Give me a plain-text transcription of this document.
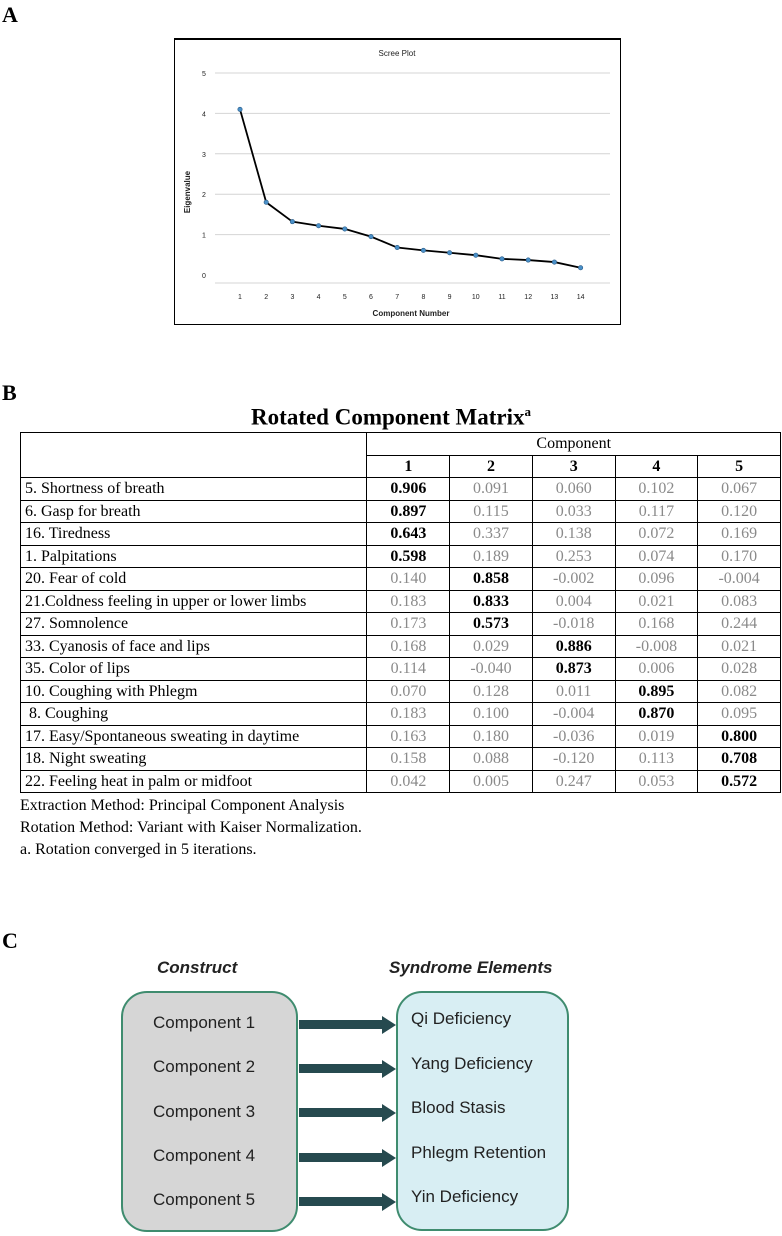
A
B
C
Scree Plot
0
1
2
3
4
5
1	2	3	4	5	6	7	8	9	10	11	12	13	14
Component Number
Eigenvalue
Rotated Component Matrix$^a$
	Component				
	1	2	3	4	5
5. Shortness of breath	0.906	0.091	0.060	0.102	0.067
6. Gasp for breath	0.897	0.115	0.033	0.117	0.120
16. Tiredness	0.643	0.337	0.138	0.072	0.169
1. Palpitations	0.598	0.189	0.253	0.074	0.170
20. Fear of cold	0.140	0.858	-0.002	0.096	-0.004
21.Coldness feeling in upper or lower limbs	0.183	0.833	0.004	0.021	0.083
27. Somnolence	0.173	0.573	-0.018	0.168	0.244
33. Cyanosis of face and lips	0.168	0.029	0.886	-0.008	0.021
35. Color of lips	0.114	-0.040	0.873	0.006	0.028
10. Coughing with Phlegm	0.070	0.128	0.011	0.895	0.082
8. Coughing	0.183	0.100	-0.004	0.870	0.095
17. Easy/Spontaneous sweating in daytime	0.163	0.180	-0.036	0.019	0.800
18. Night sweating	0.158	0.088	-0.120	0.113	0.708
22. Feeling heat in palm or midfoot	0.042	0.005	0.247	0.053	0.572
Extraction Method: Principal Component Analysis
Rotation Method: Variant with Kaiser Normalization.
a. Rotation converged in 5 iterations.
Construct	Syndrome Elements
Component 1
Component 2
Component 3
Component 4
Component 5
Qi Deficiency
Yang Deficiency
Blood Stasis
Phlegm Retention
Yin Deficiency
